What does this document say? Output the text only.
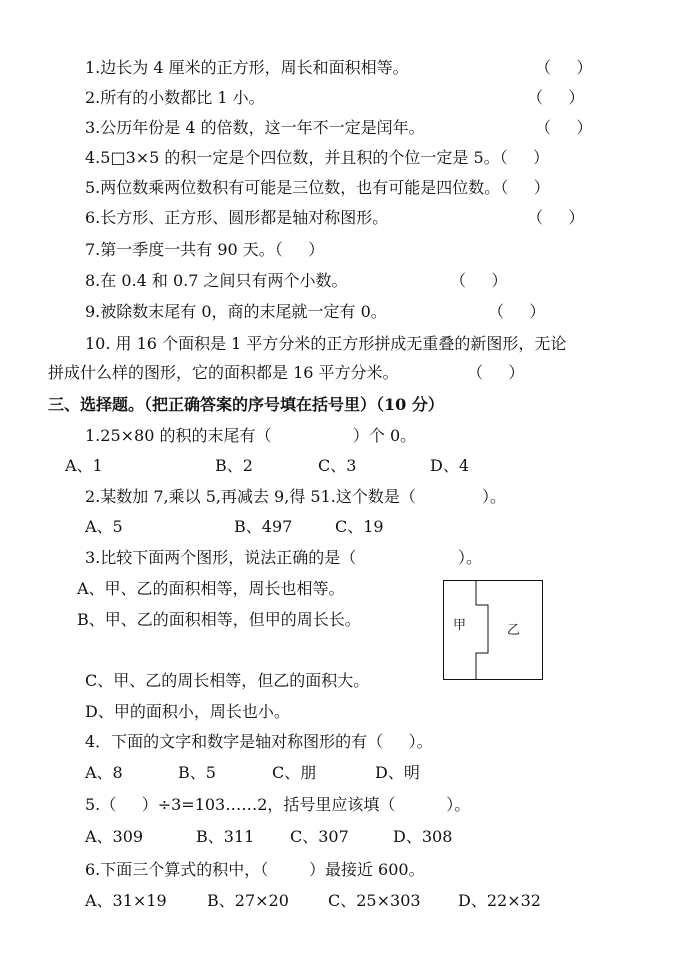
1.边长为 4 厘米的正方形，周长和面积相等。	（     ）
2.所有的小数都比 1 小。	（     ）
3.公历年份是 4 的倍数，这一年不一定是闰年。	（     ）
4.5□3×5 的积一定是个四位数，并且积的个位一定是 5。（     ）
5.两位数乘两位数积有可能是三位数，也有可能是四位数。（     ）
6.长方形、正方形、圆形都是轴对称图形。	（     ）
7.第一季度一共有 90 天。（     ）
8.在 0.4 和 0.7 之间只有两个小数。	（     ）
9.被除数末尾有 0，商的末尾就一定有 0。	（     ）
10. 用 16 个面积是 1 平方分米的正方形拼成无重叠的新图形，无论
拼成什么样的图形，它的面积都是 16 平方分米。	（     ）
三、选择题。（把正确答案的序号填在括号里）（10 分）
1.25×80 的积的末尾有（                ）个 0。
A、1	B、2	C、3	D、4
2.某数加 7,乘以 5,再减去 9,得 51.这个数是（             ）。
A、5	B、497	C、19
3.比较下面两个图形，说法正确的是（                    ）。
A、甲、乙的面积相等，周长也相等。
B、甲、乙的面积相等，但甲的周长长。	甲	乙
C、甲、乙的周长相等，但乙的面积大。
D、甲的面积小，周长也小。
4．下面的文字和数字是轴对称图形的有（     ）。
A、8	B、5	C、朋	D、明
5.（     ）÷3=103……2，括号里应该填（          ）。
A、309	B、311 C、307	D、308
6.下面三个算式的积中，（        ）最接近 600。
A、31×19	B、27×20 C、25×303 D、22×32
